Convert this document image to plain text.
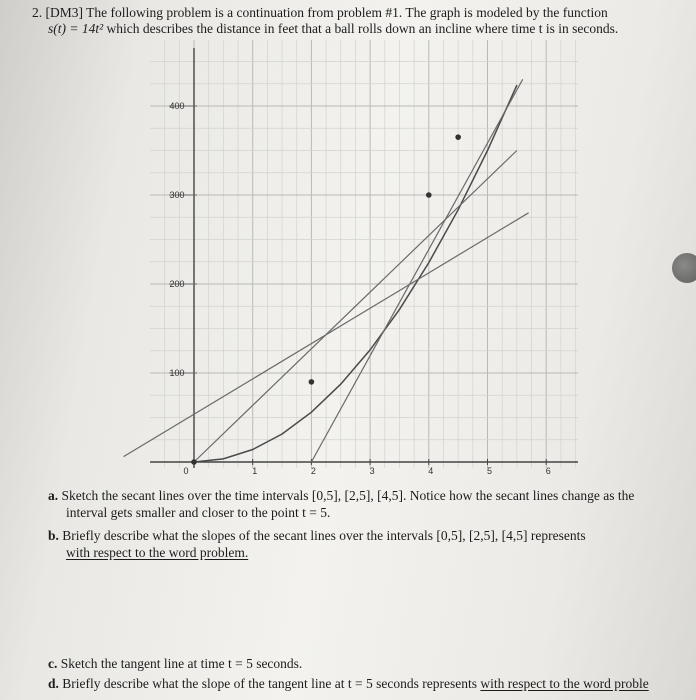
2. [DM3] The following problem is a continuation from problem #1. The graph is modeled by the function
s(t) = 14t² which describes the distance in feet that a ball rolls down an incline where time t is in seconds.
0	1	2	3	4	5	6
100
200
300
400
a. Sketch the secant lines over the time intervals [0,5], [2,5], [4,5]. Notice how the secant lines change as the
interval gets smaller and closer to the point t = 5.
b. Briefly describe what the slopes of the secant lines over the intervals [0,5], [2,5], [4,5] represents
with respect to the word problem.
c. Sketch the tangent line at time t = 5 seconds.
d. Briefly describe what the slope of the tangent line at t = 5 seconds represents with respect to the word proble
